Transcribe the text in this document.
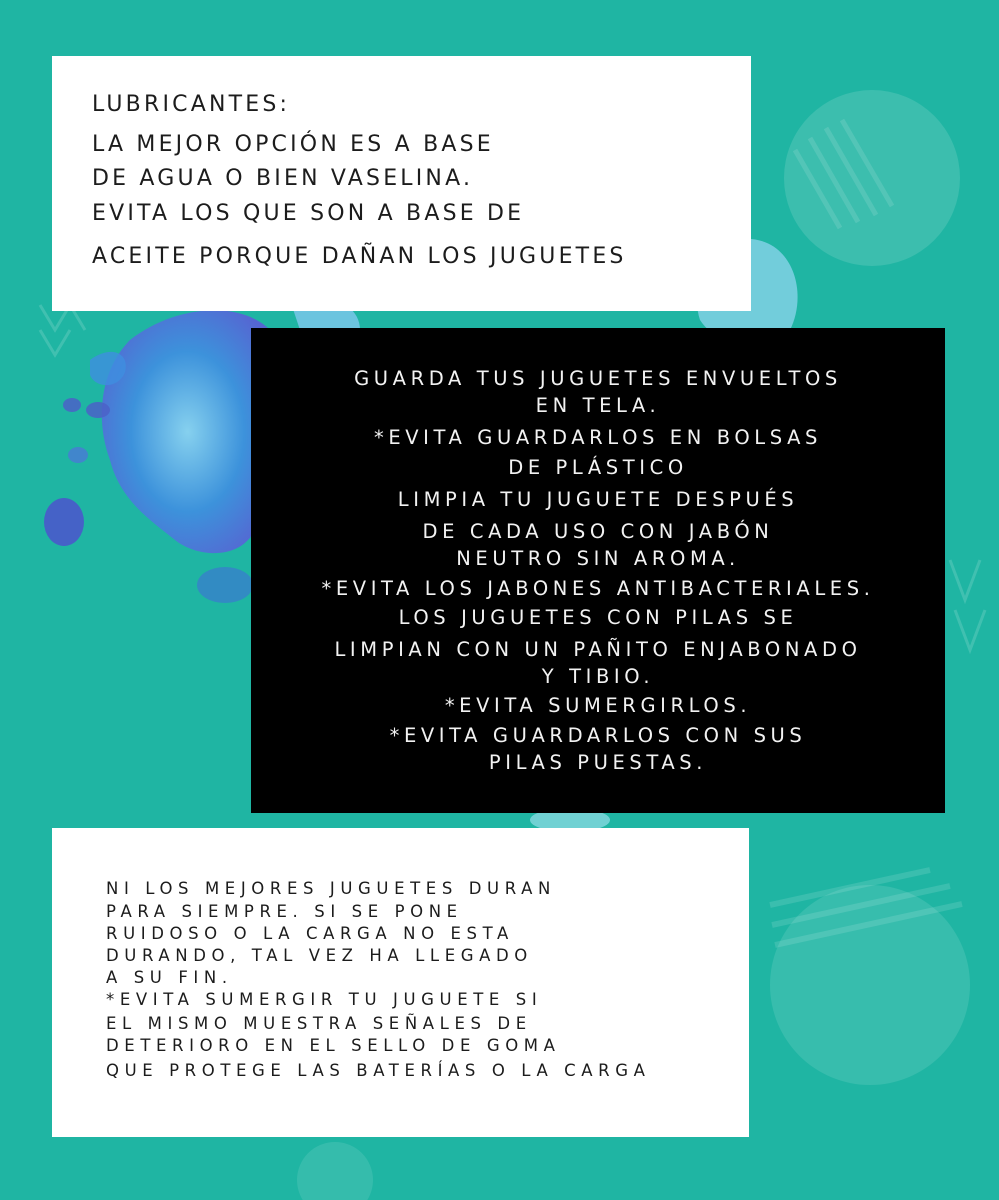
LUBRICANTES:
LA MEJOR OPCIÓN ES A BASE
DE AGUA O BIEN VASELINA.
EVITA LOS QUE SON A BASE DE
ACEITE PORQUE DAÑAN LOS JUGUETES
GUARDA TUS JUGUETES ENVUELTOS
EN TELA.
*EVITA GUARDARLOS EN BOLSAS
DE PLÁSTICO
LIMPIA TU JUGUETE DESPUÉS
DE CADA USO CON JABÓN
NEUTRO SIN AROMA.
*EVITA LOS JABONES ANTIBACTERIALES.
LOS JUGUETES CON PILAS SE
LIMPIAN CON UN PAÑITO ENJABONADO
Y TIBIO.
*EVITA SUMERGIRLOS.
*EVITA GUARDARLOS CON SUS
PILAS PUESTAS.
NI LOS MEJORES JUGUETES DURAN
PARA SIEMPRE. SI SE PONE
RUIDOSO O LA CARGA NO ESTA
DURANDO, TAL VEZ HA LLEGADO
A SU FIN.
*EVITA SUMERGIR TU JUGUETE SI
EL MISMO MUESTRA SEÑALES DE
DETERIORO EN EL SELLO DE GOMA
QUE PROTEGE LAS BATERÍAS O LA CARGA
